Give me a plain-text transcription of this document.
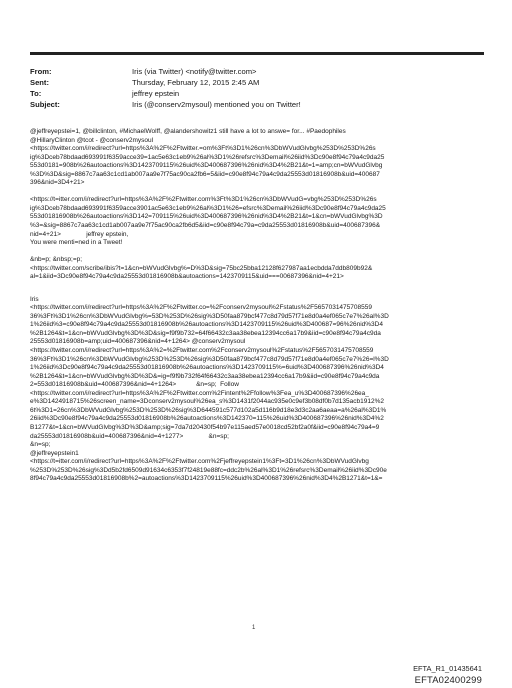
From:	Iris (via Twitter) <notify@twitter.com>
Sent:	Thursday, February 12, 2015 2:45 AM
To:	jeffrey epstein
Subject:	Iris (@conserv2mysoul) mentioned you on Twitter!
@jeffreyepstei=1, @billclinton, #MichaelWolff, @alandershowitz1 still have a lot to answe= for... #Paedophiles
@HillaryClinton @tcot - @conserv2mysoul
<https://twitter.com/i/redirect?url=https%3A%2F%2Ftwitter.=om%3Ft%3D1%26cn%3DbWVudGlvbg%253D%253D%26s
ig%3Dceb78bdaad693991f6359acce39=1ac5e63c1eb9%26al%3D1%26refsrc%3Demail%26iid%3Dc90e8f94c79a4c9da25
553d0181=908b%26autoactions%3D1423709115%26uid%3D400687396%26nid%3D4%2B21&t=1=amp;cn=bWVudGlvbg
%3D%3D&sig=8867c7aa63c1cd1ab007aa9e7f75ac90ca2fb6=5&iid=c90e8f94c79a4c9da25553d01816908b&uid=400687
396&nid=3D4+21>
<https://t=itter.com/i/redirect?url=https%3A%2F%2Ftwitter.com%3Ft%3D1%26cn%3DbWVudG=vbg%253D%253D%26s
ig%3Dceb78bdaad693991f6359acce3901ac5e63c1eb9%26al%3D1%26=efsrc%3Demail%26iid%3Dc90e8f94c79a4c9da25
553d01816908b%26autoactions%3D142=709115%26uid%3D400687396%26nid%3D4%2B21&t=1&cn=bWVudGlvbg%3D
%3=&sig=8867c7aa63c1cd1ab007aa9e7f75ac90ca2fb6d5&iid=c90e8f94c79a=c9da25553d01816908b&uid=400687396&
nid=4+21>              jeffrey epstein,
You were menti=ned in a Tweet!
&nb=p; &nbsp;=p;
<https://twitter.com/scribe/ibis?t=1&cn=bWVudGlvbg%=D%3D&sig=75bc25bba12128f627987aa1ecbdda7ddb809b92&
al=1&iid=3Dc90e8f94c79a4c9da25553d01816908b&autoactions=1423709115&uid===00687396&nid=4+21>
Iris
<https://twitter.com/i/redirect?url=https%3A%2F%2Ftwitter.co=%2Fconserv2mysoul%2Fstatus%2F5657031475708559
36%3Ft%3D1%26cn%3DbWVudGlvbg%=53D%253D%26sig%3D50faa879bcf477c8d79d57f71e8d0a4ef065c7e7%26al%3D
1%26iid%3=c90e8f94c79a4c9da25553d01816908b%26autoactions%3D1423709115%26uid%3D400687=96%26nid%3D4
%2B1264&t=1&cn=bWVudGlvbg%3D%3D&sig=f9f9b732=64f66432c3aa38ebea12394cc6a17b9&iid=c90e8f94c79a4c9da
25553d01816908b=amp;uid=400687396&nid=4+1264> @conserv2mysoul
<https://twitter.com/i/redirect?url=https%3A%2=%2Ftwitter.com%2Fconserv2mysoul%2Fstatus%2F5657031475708559
36%3Ft%3D1%26cn%3DbWVudGlvbg%253D%253D%26sig%3D50faa879bcf477c8d79d57f71e8d0a4ef065c7e7%26=l%3D
1%26iid%3Dc90e8f94c79a4c9da25553d01816908b%26autoactions%3D1423709115%=6uid%3D400687396%26nid%3D4
%2B1264&t=1&cn=bWVudGlvbg%3D%3D&=ig=f9f9b732f64f66432c3aa38ebea12394cc6a17b9&iid=c90e8f94c79a4c9da
2=553d01816908b&uid=400687396&nid=4+1264>           &n=sp;  Follow
<https://twitter.com/i/redirect?url=https%3A%2F%2Ftwitter.com%2Fintent%2Ffollow%3Fea_u%3D400687396%26ea_
e%3D1424918715%26screen_name=3Dconserv2mysoul%26ea_s%3D1431f2044ac935e0c9ef3b08df0b7d135acb1912%2
6t%3D1=26cn%3DbWVudGlvbg%253D%253D%26sig%3D644591c577d102a5d116b9d18e3d3c2aa6aeaa=a%26al%3D1%
26iid%3Dc90e8f94c79a4c9da25553d01816908b%26autoactions%3D142370=115%26uid%3D400687396%26nid%3D4%2
B1277&t=1&cn=bWVudGlvbg%3D%3D&amp;sig=7da7d20430f54b97e115aed57e0018cd52bf2a0f&iid=c90e8f94c79a4=9
da25553d01816908b&uid=400687396&nid=4+1277>              &n=sp;
&n=sp;
@jeffreyepstein1
<https://t=itter.com/i/redirect?url=https%3A%2F%2Ftwitter.com%2Fjeffreyepstein1%3Ft=3D1%26cn%3DbWVudGlvbg
%253D%253D%26sig%3Dd5b2fd6509d91634c6353f7f24819e88fc=ddc2b%26al%3D1%26refsrc%3Demail%26iid%3Dc90e
8f94c79a4c9da25553d01816908b%2=autoactions%3D1423709115%26uid%3D400687396%26nid%3D4%2B1271&t=1&=
1
EFTA_R1_01435641
EFTA02400299
